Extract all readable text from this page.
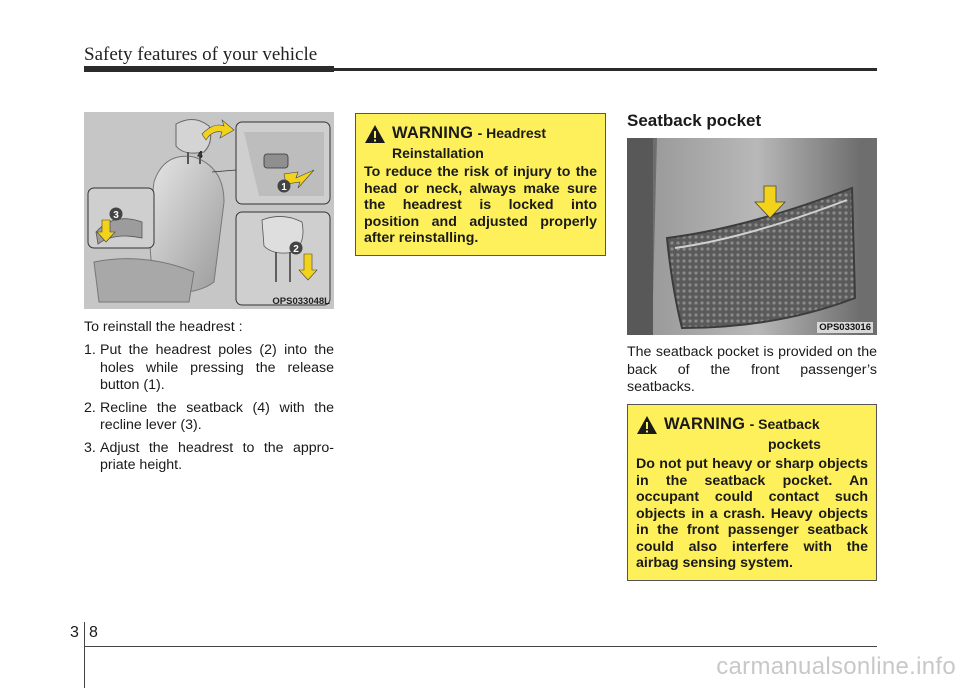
Safety features of your vehicle
1
2
3
4
OPS033048L
To reinstall the headrest :
1. Put the headrest poles (2) into the holes while pressing the release button (1).
2. Recline the seatback (4) with the recline lever (3).
3. Adjust the headrest to the appro-priate height.
WARNING - Headrest
Reinstallation
To reduce the risk of injury to the head or neck, always make sure the headrest is locked into position and adjusted properly after reinstalling.
Seatback pocket
OPS033016
The seatback pocket is provided on the back of the front passenger’s seatbacks.
WARNING - Seatback
pockets
Do not put heavy or sharp objects in the seatback pocket. An occupant could contact such objects in a crash. Heavy objects in the front passenger seatback could also interfere with the airbag sensing system.
3 8
carmanualsonline.info
